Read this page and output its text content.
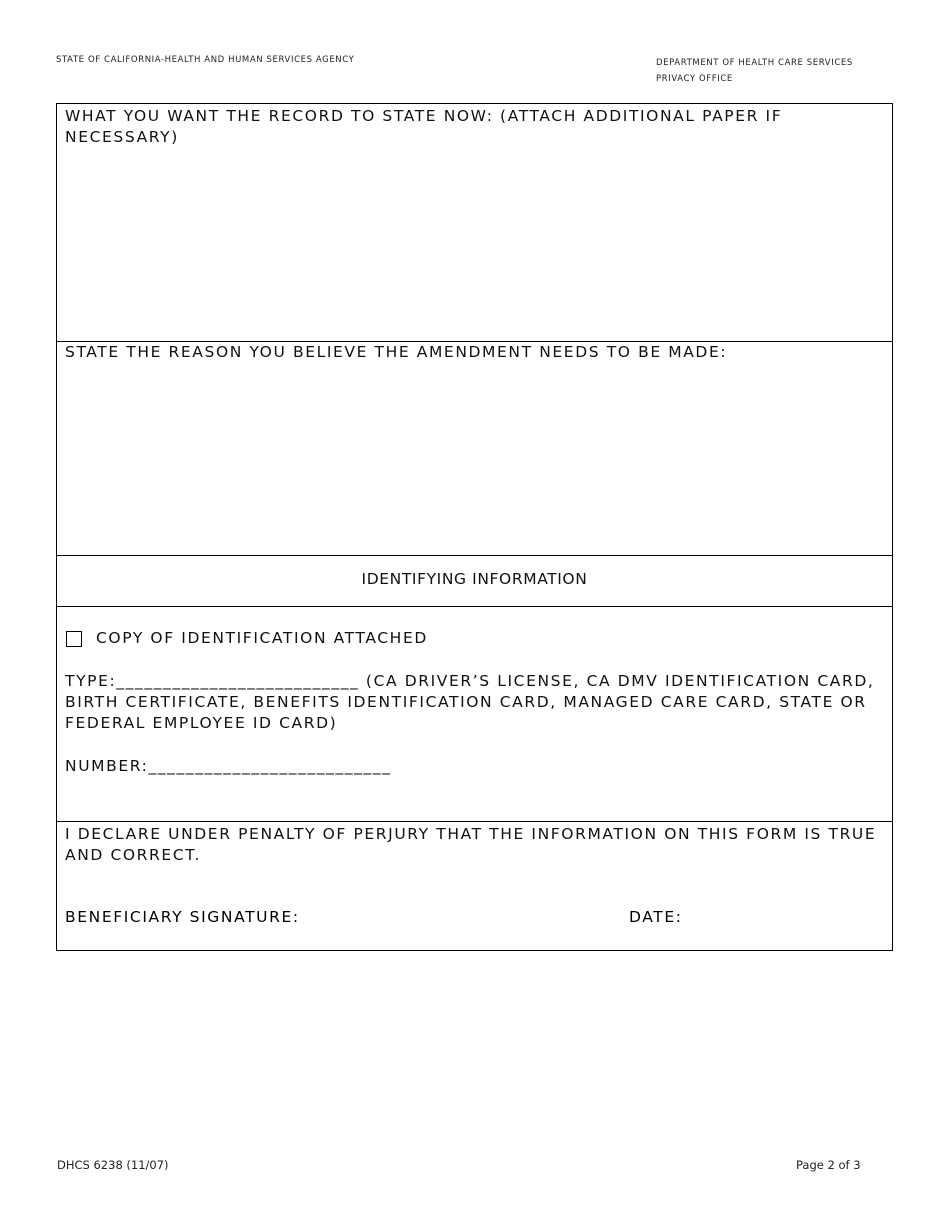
STATE OF CALIFORNIA-HEALTH AND HUMAN SERVICES AGENCY	DEPARTMENT OF HEALTH CARE SERVICES
PRIVACY OFFICE
WHAT YOU WANT THE RECORD TO STATE NOW: (ATTACH ADDITIONAL PAPER IF NECESSARY)
STATE THE REASON YOU BELIEVE THE AMENDMENT NEEDS TO BE MADE:
IDENTIFYING INFORMATION
COPY OF IDENTIFICATION ATTACHED
TYPE:__________________________ (CA DRIVER’S LICENSE, CA DMV IDENTIFICATION CARD, BIRTH CERTIFICATE, BENEFITS IDENTIFICATION CARD, MANAGED CARE CARD, STATE OR FEDERAL EMPLOYEE ID CARD)
NUMBER:__________________________
I DECLARE UNDER PENALTY OF PERJURY THAT THE INFORMATION ON THIS FORM IS TRUE AND CORRECT.
BENEFICIARY SIGNATURE:	DATE:
DHCS 6238 (11/07)	Page 2 of 3
